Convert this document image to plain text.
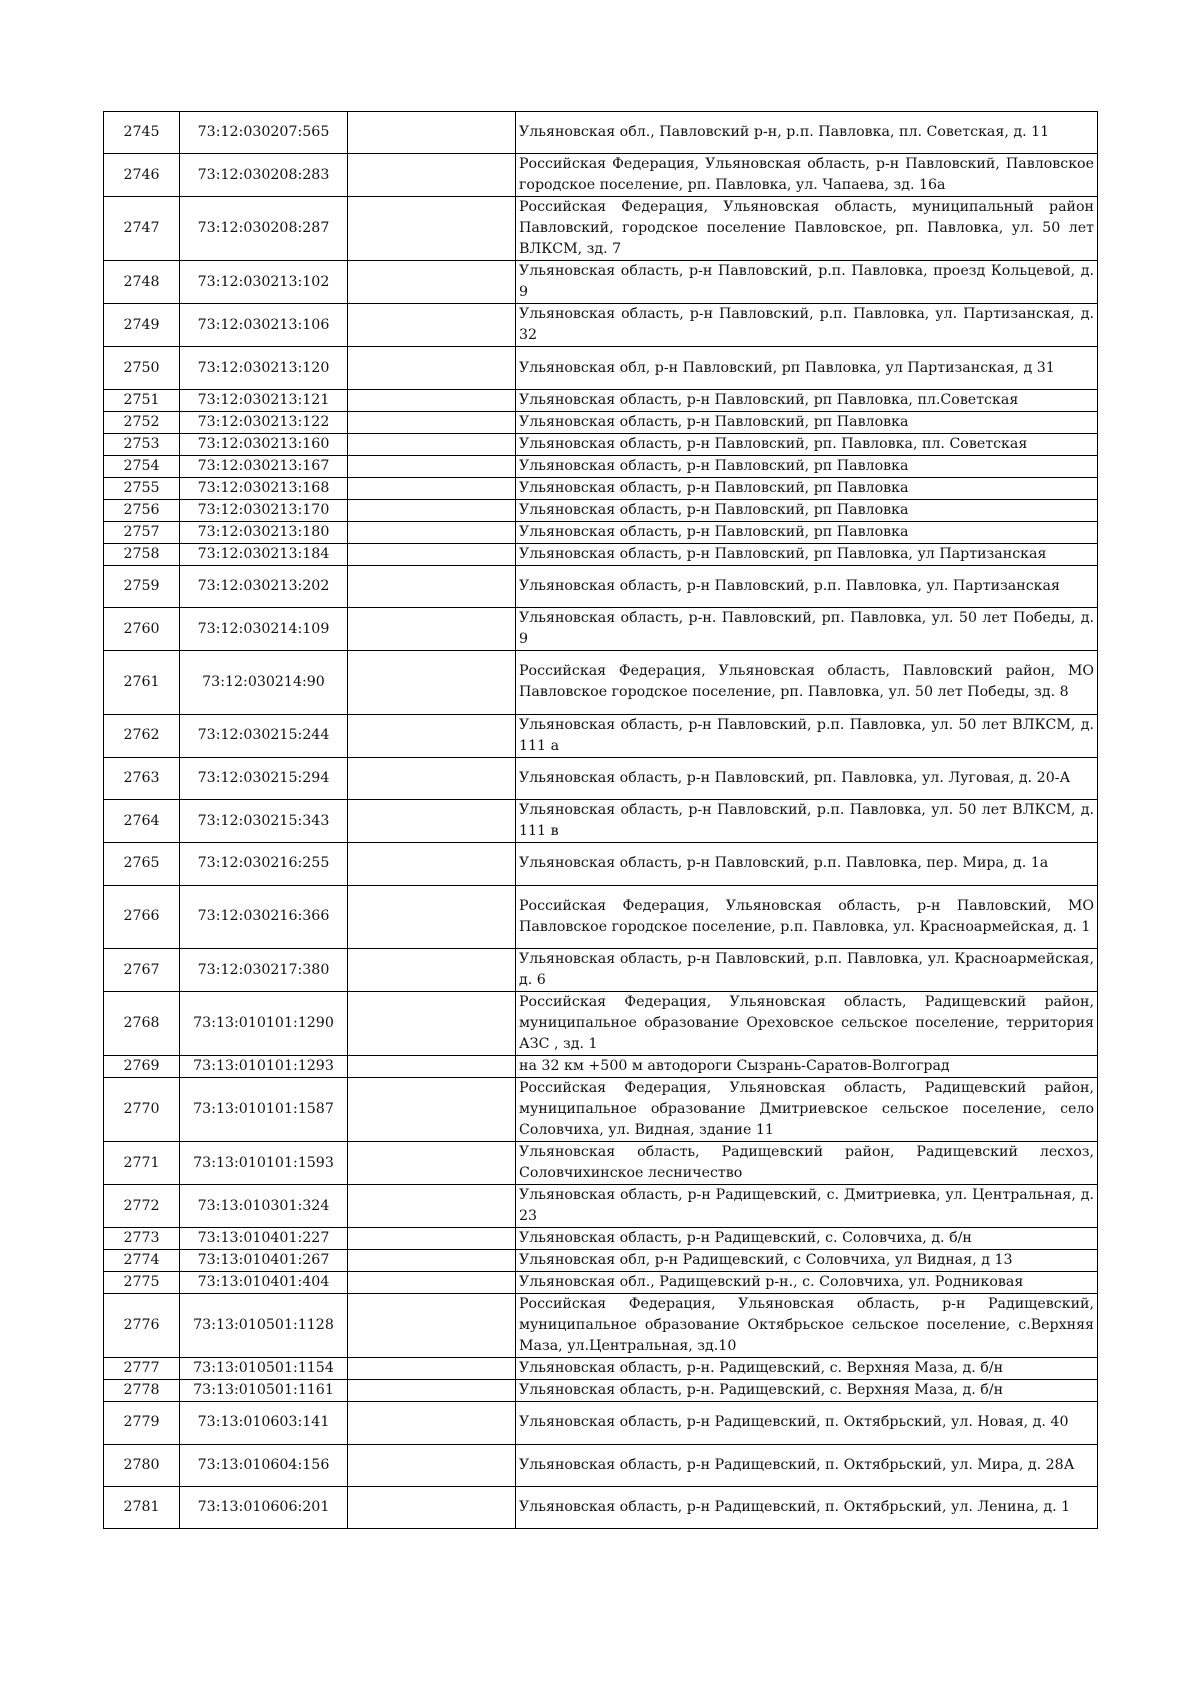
2745	73:12:030207:565		Ульяновская обл., Павловский р-н, р.п. Павловка, пл. Советская, д. 11
2746	73:12:030208:283		Российская Федерация, Ульяновская область, р-н Павловский, Павловское городское поселение, рп. Павловка, ул. Чапаева, зд. 16а
2747	73:12:030208:287		Российская Федерация, Ульяновская область, муниципальный район Павловский, городское поселение Павловское, рп. Павловка, ул. 50 лет ВЛКСМ, зд. 7
2748	73:12:030213:102		Ульяновская область, р-н Павловский, р.п. Павловка, проезд Кольцевой, д. 9
2749	73:12:030213:106		Ульяновская область, р-н Павловский, р.п. Павловка, ул. Партизанская, д. 32
2750	73:12:030213:120		Ульяновская обл, р-н Павловский, рп Павловка, ул Партизанская, д 31
2751	73:12:030213:121		Ульяновская область, р-н Павловский, рп Павловка, пл.Советская
2752	73:12:030213:122		Ульяновская область, р-н Павловский, рп Павловка
2753	73:12:030213:160		Ульяновская область, р-н Павловский, рп. Павловка, пл. Советская
2754	73:12:030213:167		Ульяновская область, р-н Павловский, рп Павловка
2755	73:12:030213:168		Ульяновская область, р-н Павловский, рп Павловка
2756	73:12:030213:170		Ульяновская область, р-н Павловский, рп Павловка
2757	73:12:030213:180		Ульяновская область, р-н Павловский, рп Павловка
2758	73:12:030213:184		Ульяновская область, р-н Павловский, рп Павловка, ул Партизанская
2759	73:12:030213:202		Ульяновская область, р-н Павловский, р.п. Павловка, ул. Партизанская
2760	73:12:030214:109		Ульяновская область, р-н. Павловский, рп. Павловка, ул. 50 лет Победы, д. 9
2761	73:12:030214:90		Российская Федерация, Ульяновская область, Павловский район, МО Павловское городское поселение, рп. Павловка, ул. 50 лет Победы, зд. 8
2762	73:12:030215:244		Ульяновская область, р-н Павловский, р.п. Павловка, ул. 50 лет ВЛКСМ, д. 111 а
2763	73:12:030215:294		Ульяновская область, р-н Павловский, рп. Павловка, ул. Луговая, д. 20-А
2764	73:12:030215:343		Ульяновская область, р-н Павловский, р.п. Павловка, ул. 50 лет ВЛКСМ, д. 111 в
2765	73:12:030216:255		Ульяновская область, р-н Павловский, р.п. Павловка, пер. Мира, д. 1а
2766	73:12:030216:366		Российская Федерация, Ульяновская область, р-н Павловский, МО Павловское городское поселение, р.п. Павловка, ул. Красноармейская, д. 1
2767	73:12:030217:380		Ульяновская область, р-н Павловский, р.п. Павловка, ул. Красноармейская, д. 6
2768	73:13:010101:1290		Российская Федерация, Ульяновская область, Радищевский район, муниципальное образование Ореховское сельское поселение, территория АЗС , зд. 1
2769	73:13:010101:1293		на 32 км +500 м автодороги Сызрань-Саратов-Волгоград
2770	73:13:010101:1587		Российская Федерация, Ульяновская область, Радищевский район, муниципальное образование Дмитриевское сельское поселение, село Соловчиха, ул. Видная, здание 11
2771	73:13:010101:1593		Ульяновская область, Радищевский район, Радищевский лесхоз, Соловчихинское лесничество
2772	73:13:010301:324		Ульяновская область, р-н Радищевский, с. Дмитриевка, ул. Центральная, д. 23
2773	73:13:010401:227		Ульяновская область, р-н Радищевский, с. Соловчиха, д. б/н
2774	73:13:010401:267		Ульяновская обл, р-н Радищевский, с Соловчиха, ул Видная, д 13
2775	73:13:010401:404		Ульяновская обл., Радищевский р-н., с. Соловчиха, ул. Родниковая
2776	73:13:010501:1128		Российская Федерация, Ульяновская область, р-н Радищевский, муниципальное образование Октябрьское сельское поселение, с.Верхняя Маза, ул.Центральная, зд.10
2777	73:13:010501:1154		Ульяновская область, р-н. Радищевский, с. Верхняя Маза, д. б/н
2778	73:13:010501:1161		Ульяновская область, р-н. Радищевский, с. Верхняя Маза, д. б/н
2779	73:13:010603:141		Ульяновская область, р-н Радищевский, п. Октябрьский, ул. Новая, д. 40
2780	73:13:010604:156		Ульяновская область, р-н Радищевский, п. Октябрьский, ул. Мира, д. 28А
2781	73:13:010606:201		Ульяновская область, р-н Радищевский, п. Октябрьский, ул. Ленина, д. 1
